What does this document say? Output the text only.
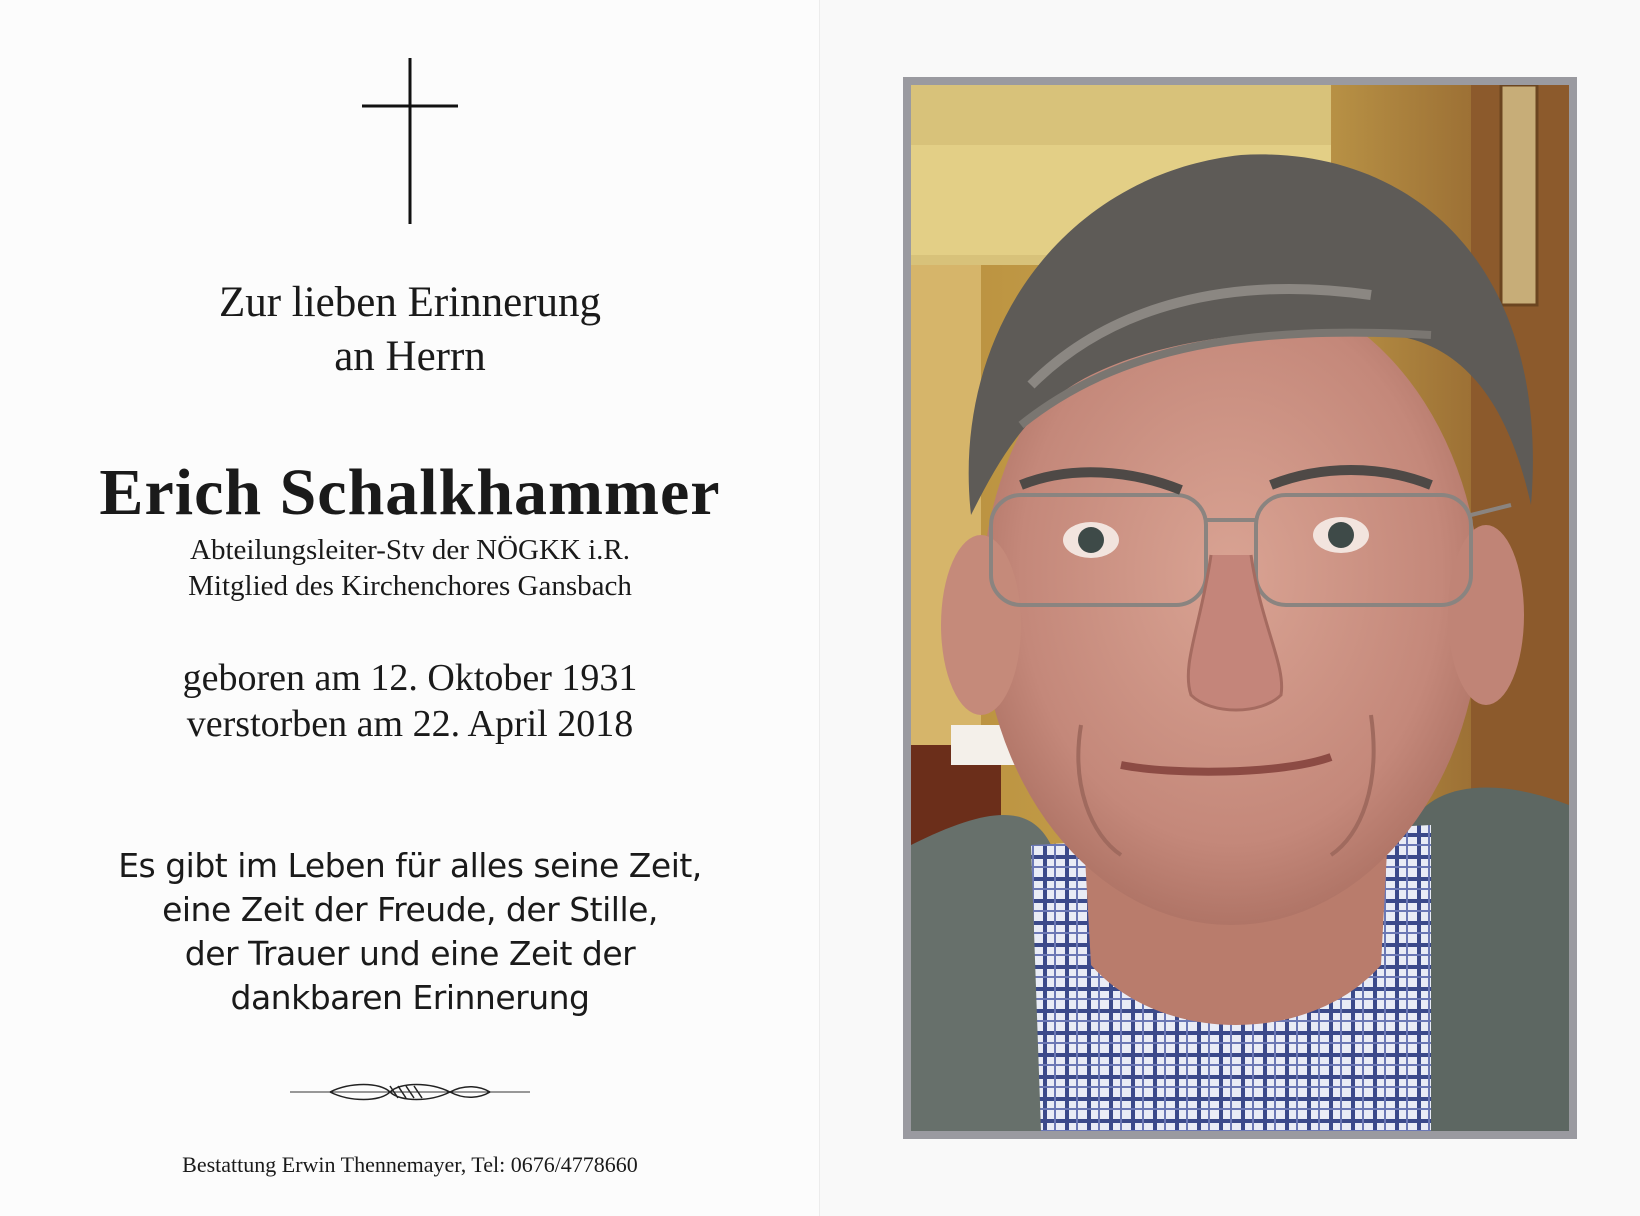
Zur lieben Erinnerung
an Herrn
Erich Schalkhammer
Abteilungsleiter-Stv der NÖGKK i.R.
Mitglied des Kirchenchores Gansbach
geboren am 12. Oktober 1931
verstorben am 22. April 2018
Es gibt im Leben für alles seine Zeit,
eine Zeit der Freude, der Stille,
der Trauer und eine Zeit der
dankbaren Erinnerung
Bestattung Erwin Thennemayer, Tel: 0676/4778660
